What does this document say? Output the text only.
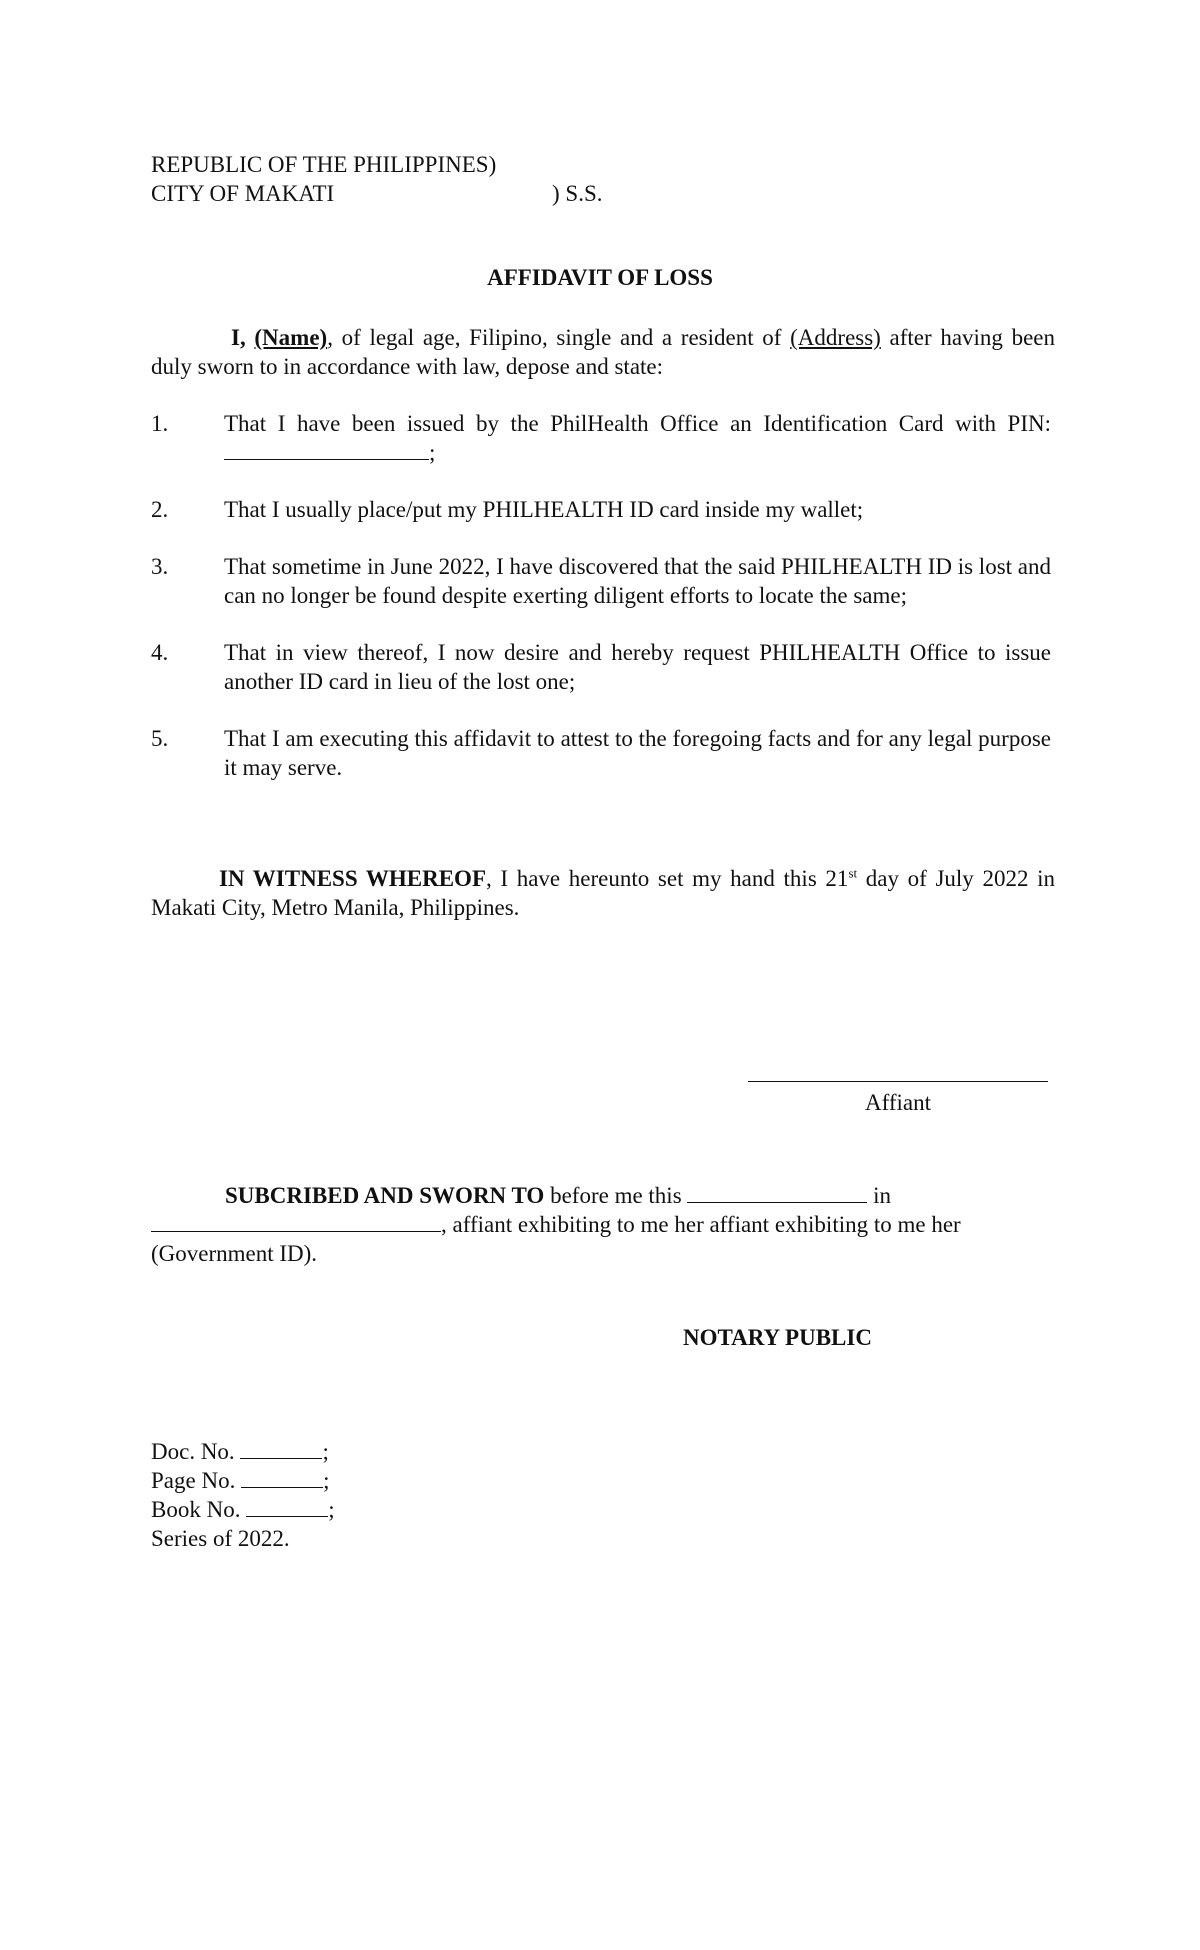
REPUBLIC OF THE PHILIPPINES)
CITY OF MAKATI	) S.S.
AFFIDAVIT OF LOSS

I, (Name), of legal age, Filipino, single and a resident of (Address) after having been duly sworn to in accordance with law, depose and state:

1. That I have been issued by the PhilHealth Office an Identification Card with PIN: ;
2. That I usually place/put my PHILHEALTH ID card inside my wallet;
3. That sometime in June 2022, I have discovered that the said PHILHEALTH ID is lost and can no longer be found despite exerting diligent efforts to locate the same;
4. That in view thereof, I now desire and hereby request PHILHEALTH Office to issue another ID card in lieu of the lost one;
5. That I am executing this affidavit to attest to the foregoing facts and for any legal purpose it may serve.

IN WITNESS WHEREOF, I have hereunto set my hand this 21st day of July 2022 in Makati City, Metro Manila, Philippines.

Affiant

SUBCRIBED AND SWORN TO before me this	in , affiant exhibiting to me her affiant exhibiting to me her (Government ID).

NOTARY PUBLIC
Doc. No.	;
Page No.	;
Book No.	;
Series of 2022.
